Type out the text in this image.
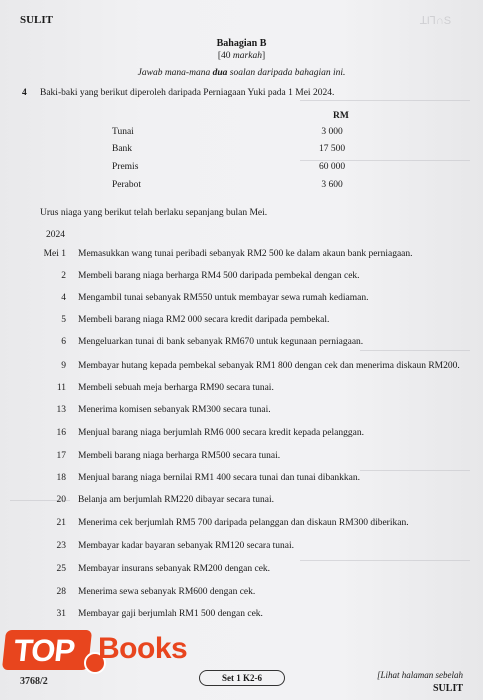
ꓕIꓶ∩S
SULIT
Bahagian B
[40 markah]
Jawab mana-mana dua soalan daripada bahagian ini.
4 Baki-baki yang berikut diperoleh daripada Perniagaan Yuki pada 1 Mei 2024.
RM
Tunai	3 000
Bank	17 500
Premis	60 000
Perabot	3 600
Urus niaga yang berikut telah berlaku sepanjang bulan Mei.
2024
Mei 1 Memasukkan wang tunai peribadi sebanyak RM2 500 ke dalam akaun bank perniagaan.
2 Membeli barang niaga berharga RM4 500 daripada pembekal dengan cek.
4 Mengambil tunai sebanyak RM550 untuk membayar sewa rumah kediaman.
5 Membeli barang niaga RM2 000 secara kredit daripada pembekal.
6 Mengeluarkan tunai di bank sebanyak RM670 untuk kegunaan perniagaan.
9 Membayar hutang kepada pembekal sebanyak RM1 800 dengan cek dan menerima diskaun RM200.
11 Membeli sebuah meja berharga RM90 secara tunai.
13 Menerima komisen sebanyak RM300 secara tunai.
16 Menjual barang niaga berjumlah RM6 000 secara kredit kepada pelanggan.
17 Membeli barang niaga berharga RM500 secara tunai.
18 Menjual barang niaga bernilai RM1 400 secara tunai dan tunai dibankkan.
20 Belanja am berjumlah RM220 dibayar secara tunai.
21 Menerima cek berjumlah RM5 700 daripada pelanggan dan diskaun RM300 diberikan.
23 Membayar kadar bayaran sebanyak RM120 secara tunai.
25 Membayar insurans sebanyak RM200 dengan cek.
28 Menerima sewa sebanyak RM600 dengan cek.
31 Membayar gaji berjumlah RM1 500 dengan cek.
TOP Books
3768/2	Set 1 K2-6	[Lihat halaman sebelah
SULIT
